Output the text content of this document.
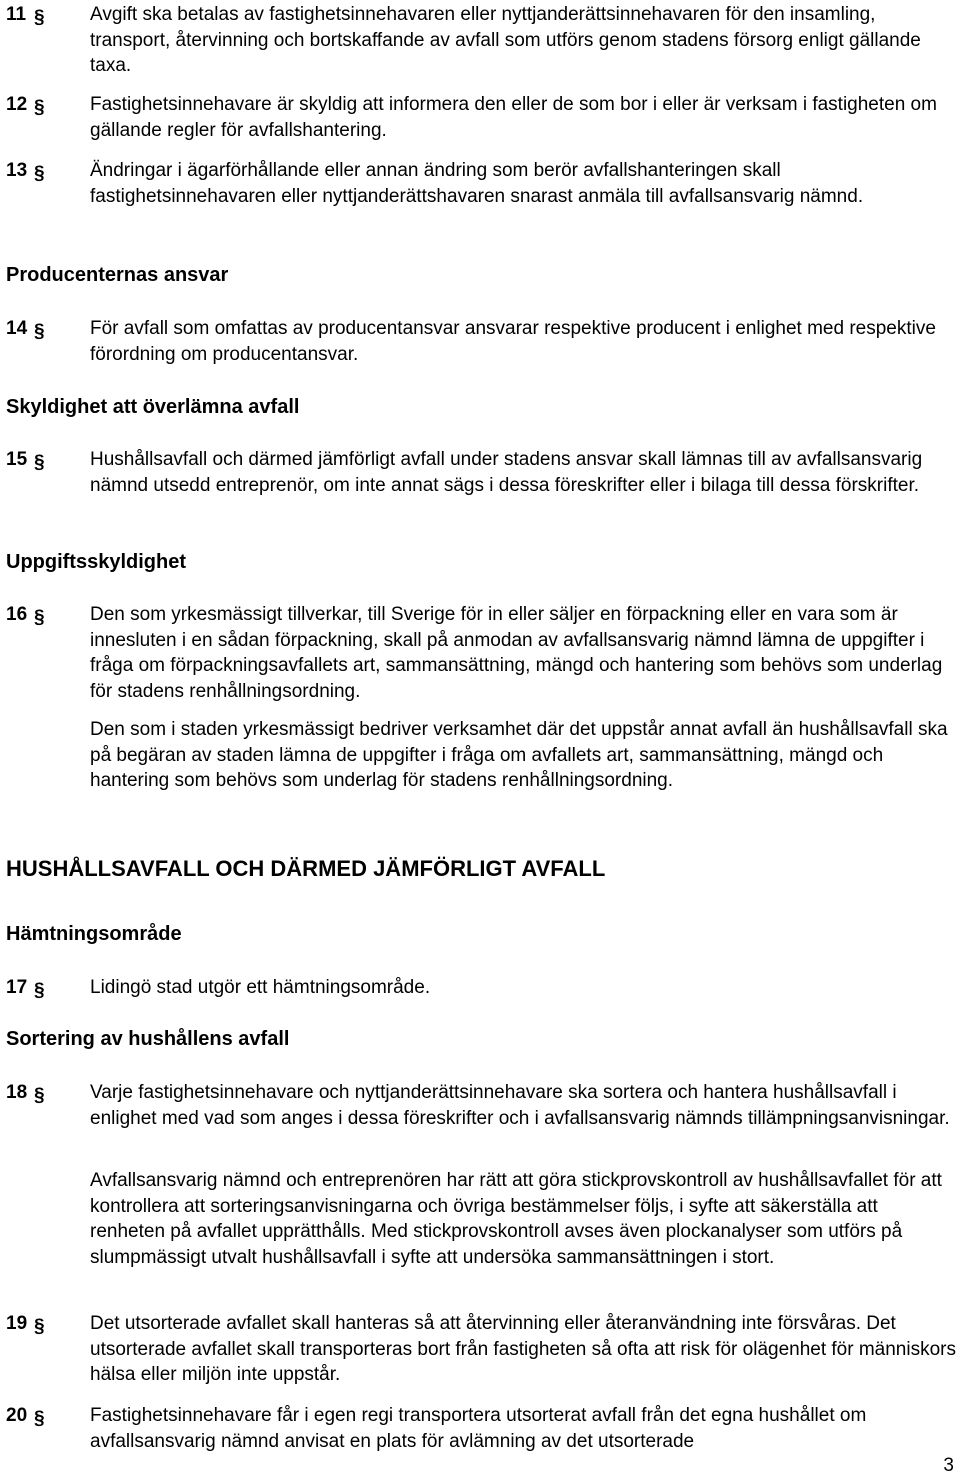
11 § Avgift ska betalas av fastighetsinnehavaren eller nyttjanderättsinnehavaren för den insamling, transport, återvinning och bortskaffande av avfall som utförs genom stadens försorg enligt gällande taxa.
12 § Fastighetsinnehavare är skyldig att informera den eller de som bor i eller är verksam i fastigheten om gällande regler för avfallshantering.
13 § Ändringar i ägarförhållande eller annan ändring som berör avfallshanteringen skall fastighetsinnehavaren eller nyttjanderättshavaren snarast anmäla till avfallsansvarig nämnd.
Producenternas ansvar
14 § För avfall som omfattas av producentansvar ansvarar respektive producent i enlighet med respektive förordning om producentansvar.
Skyldighet att överlämna avfall
15 § Hushållsavfall och därmed jämförligt avfall under stadens ansvar skall lämnas till av avfallsansvarig nämnd utsedd entreprenör, om inte annat sägs i dessa föreskrifter eller i bilaga till dessa förskrifter.
Uppgiftsskyldighet
16 § Den som yrkesmässigt tillverkar, till Sverige för in eller säljer en förpackning eller en vara som är innesluten i en sådan förpackning, skall på anmodan av avfallsansvarig nämnd lämna de uppgifter i fråga om förpackningsavfallets art, sammansättning, mängd och hantering som behövs som underlag för stadens renhållningsordning.
Den som i staden yrkesmässigt bedriver verksamhet där det uppstår annat avfall än hushållsavfall ska på begäran av staden lämna de uppgifter i fråga om avfallets art, sammansättning, mängd och hantering som behövs som underlag för stadens renhållningsordning.
HUSHÅLLSAVFALL OCH DÄRMED JÄMFÖRLIGT AVFALL
Hämtningsområde
17 § Lidingö stad utgör ett hämtningsområde.
Sortering av hushållens avfall
18 § Varje fastighetsinnehavare och nyttjanderättsinnehavare ska sortera och hantera hushållsavfall i enlighet med vad som anges i dessa föreskrifter och i avfallsansvarig nämnds tillämpningsanvisningar.
Avfallsansvarig nämnd och entreprenören har rätt att göra stickprovskontroll av hushållsavfallet för att kontrollera att sorteringsanvisningarna och övriga bestämmelser följs, i syfte att säkerställa att renheten på avfallet upprätthålls. Med stickprovskontroll avses även plockanalyser som utförs på slumpmässigt utvalt hushållsavfall i syfte att undersöka sammansättningen i stort.
19 § Det utsorterade avfallet skall hanteras så att återvinning eller återanvändning inte försvåras. Det utsorterade avfallet skall transporteras bort från fastigheten så ofta att risk för olägenhet för människors hälsa eller miljön inte uppstår.
20 § Fastighetsinnehavare får i egen regi transportera utsorterat avfall från det egna hushållet om avfallsansvarig nämnd anvisat en plats för avlämning av det utsorterade
3
